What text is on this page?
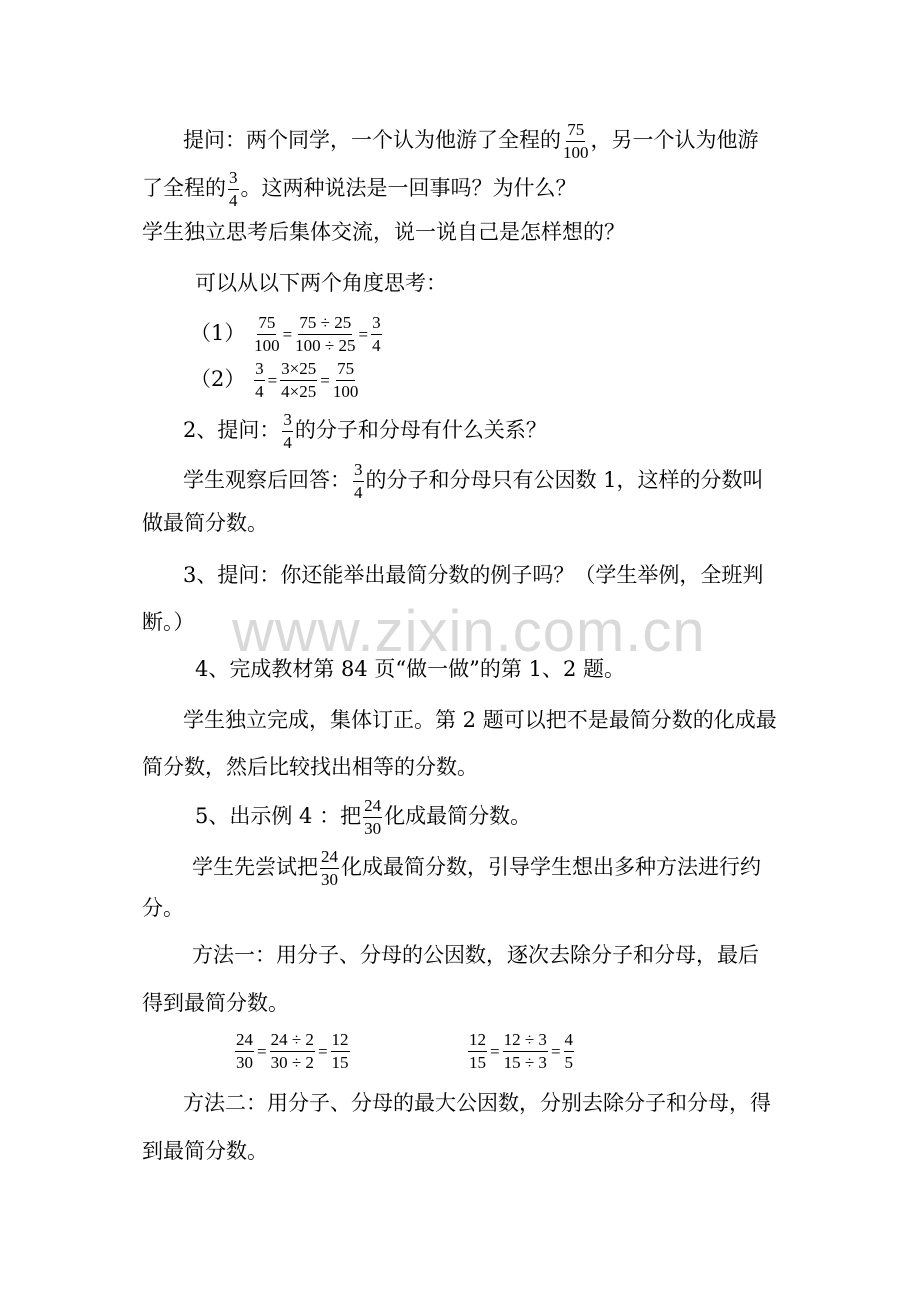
www.zixin.com.cn
提问：两个同学，一个认为他游了全程的 $\frac{75}{100}$ ，另一个认为他游
了全程的 $\frac{3}{4}$ 。这两种说法是一回事吗？为什么？
学生独立思考后集体交流，说一说自己是怎样想的？
可以从以下两个角度思考：
$(1) \frac{75}{100} = \frac{75 \div 25}{100 \div 25} = \frac{3}{4}$
$(2) \frac{3}{4} = \frac{3\times 25}{4\times 25} = \frac{75}{100}$
2、提问： $\frac{3}{4}$ 的分子和分母有什么关系？
学生观察后回答： $\frac{3}{4}$ 的分子和分母只有公因数 1，这样的分数叫
做最简分数。
3、提问：你还能举出最简分数的例子吗？（学生举例，全班判
断。）
4、完成教材第 84 页“做一做”的第 1、2 题。
学生独立完成，集体订正。第 2 题可以把不是最简分数的化成最
简分数，然后比较找出相等的分数。
5、出示例 4 ：把 $\frac{24}{30}$ 化成最简分数。
学生先尝试把 $\frac{24}{30}$ 化成最简分数，引导学生想出多种方法进行约
分。
方法一：用分子、分母的公因数，逐次去除分子和分母，最后
得到最简分数。
$\frac{24}{30} = \frac{24 \div 2}{30 \div 2} = \frac{12}{15}$	$\frac{12}{15} = \frac{12 \div 3}{15 \div 3} = \frac{4}{5}$
方法二：用分子、分母的最大公因数，分别去除分子和分母，得
到最简分数。
